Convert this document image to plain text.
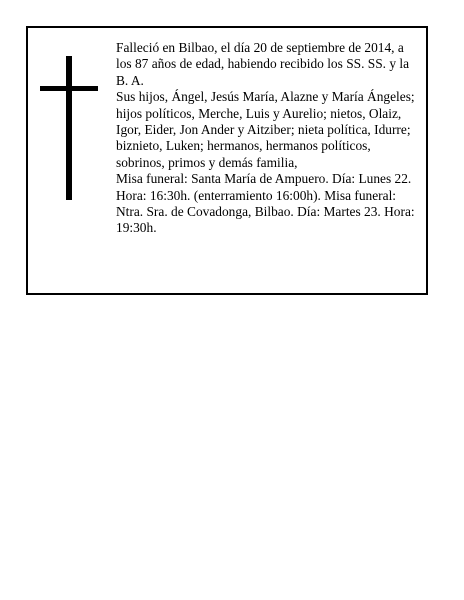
Falleció en Bilbao, el día 20 de septiembre de 2014, a los 87 años de edad, habiendo recibido los SS. SS. y la B. A.

Sus hijos, Ángel, Jesús María, Alazne y María Ángeles; hijos políticos, Merche, Luis y Aurelio; nietos, Olaiz, Igor, Eider, Jon Ander y Aitziber; nieta política, Idurre; biznieto, Luken; hermanos, hermanos políticos, sobrinos, primos y demás familia,

Misa funeral: Santa María de Ampuero. Día: Lunes 22. Hora: 16:30h. (enterramiento 16:00h). Misa funeral: Ntra. Sra. de Covadonga, Bilbao. Día: Martes 23. Hora: 19:30h.
